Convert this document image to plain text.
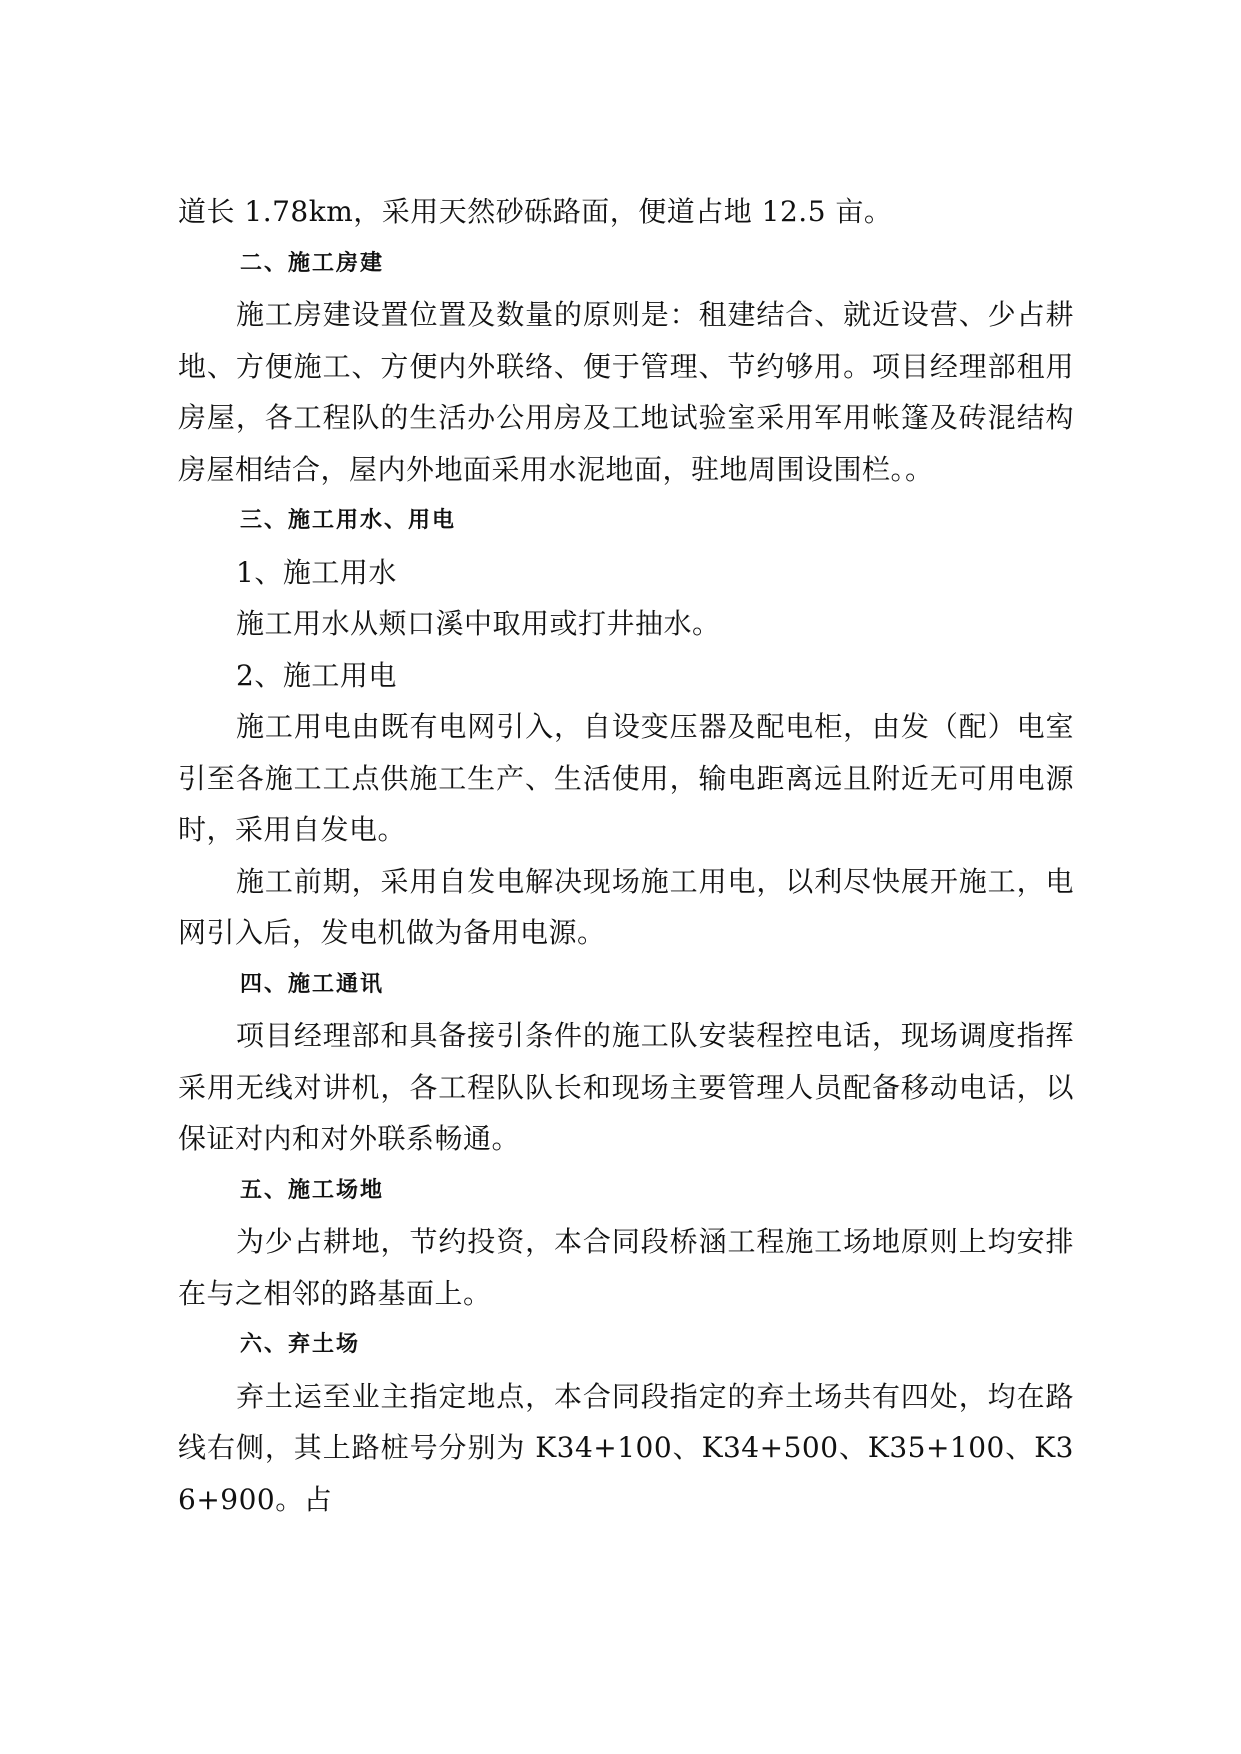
道长 1.78km，采用天然砂砾路面，便道占地 12.5 亩。

二、施工房建

施工房建设置位置及数量的原则是：租建结合、就近设营、少占耕地、方便施工、方便内外联络、便于管理、节约够用。项目经理部租用房屋，各工程队的生活办公用房及工地试验室采用军用帐篷及砖混结构房屋相结合，屋内外地面采用水泥地面，驻地周围设围栏。。

三、施工用水、用电

1、施工用水

施工用水从颊口溪中取用或打井抽水。

2、施工用电

施工用电由既有电网引入，自设变压器及配电柜，由发（配）电室引至各施工工点供施工生产、生活使用，输电距离远且附近无可用电源时，采用自发电。

施工前期，采用自发电解决现场施工用电，以利尽快展开施工，电网引入后，发电机做为备用电源。

四、施工通讯

项目经理部和具备接引条件的施工队安装程控电话，现场调度指挥采用无线对讲机，各工程队队长和现场主要管理人员配备移动电话，以保证对内和对外联系畅通。

五、施工场地

为少占耕地，节约投资，本合同段桥涵工程施工场地原则上均安排在与之相邻的路基面上。

六、弃土场

弃土运至业主指定地点，本合同段指定的弃土场共有四处，均在路线右侧，其上路桩号分别为 K34+100、K34+500、K35+100、K36+900。占
